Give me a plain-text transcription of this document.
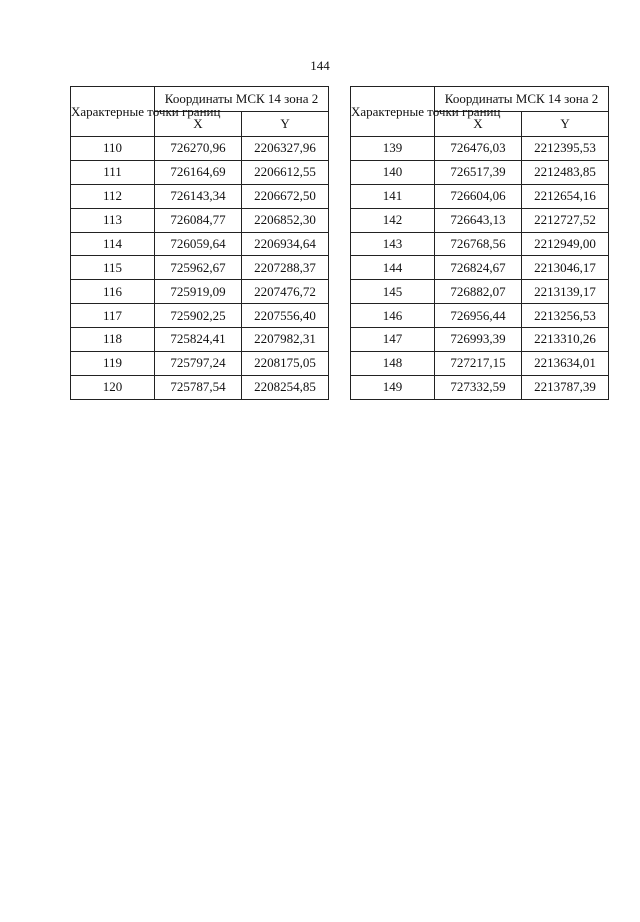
144
Характерные точки границ	Координаты МСК 14 зона 2	
	X	Y
110	726270,96	2206327,96
111	726164,69	2206612,55
112	726143,34	2206672,50
113	726084,77	2206852,30
114	726059,64	2206934,64
115	725962,67	2207288,37
116	725919,09	2207476,72
117	725902,25	2207556,40
118	725824,41	2207982,31
119	725797,24	2208175,05
120	725787,54	2208254,85
Характерные точки границ	Координаты МСК 14 зона 2	
	X	Y
139	726476,03	2212395,53
140	726517,39	2212483,85
141	726604,06	2212654,16
142	726643,13	2212727,52
143	726768,56	2212949,00
144	726824,67	2213046,17
145	726882,07	2213139,17
146	726956,44	2213256,53
147	726993,39	2213310,26
148	727217,15	2213634,01
149	727332,59	2213787,39
